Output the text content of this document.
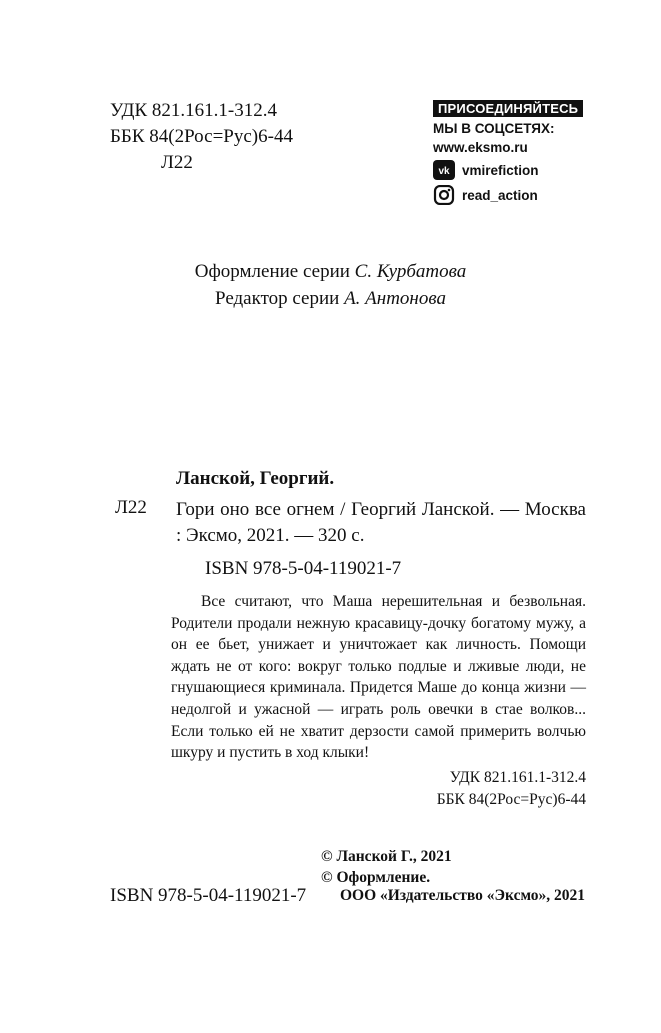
УДК 821.161.1-312.4
ББК 84(2Рос=Рус)6-44
Л22
ПРИСОЕДИНЯЙТЕСЬ
МЫ В СОЦСЕТЯХ:
www.eksmo.ru
vk vmirefiction
read_action
Оформление серии С. Курбатова
Редактор серии А. Антонова
Ланской, Георгий.
Л22 Гори оно все огнем / Георгий Ланской. — Москва : Эксмо, 2021. — 320 с.
ISBN 978-5-04-119021-7
Все считают, что Маша нерешительная и безвольная. Родители продали нежную красавицу-дочку богатому мужу, а он ее бьет, унижает и уничтожает как личность. Помощи ждать не от кого: вокруг только подлые и лживые люди, не гнушающиеся криминала. Придется Маше до конца жизни — недолгой и ужасной — играть роль овечки в стае волков... Если только ей не хватит дерзости самой примерить волчью шкуру и пустить в ход клыки!
УДК 821.161.1-312.4
ББК 84(2Рос=Рус)6-44
© Ланской Г., 2021
© Оформление.
ISBN 978-5-04-119021-7 ООО «Издательство «Эксмо», 2021
